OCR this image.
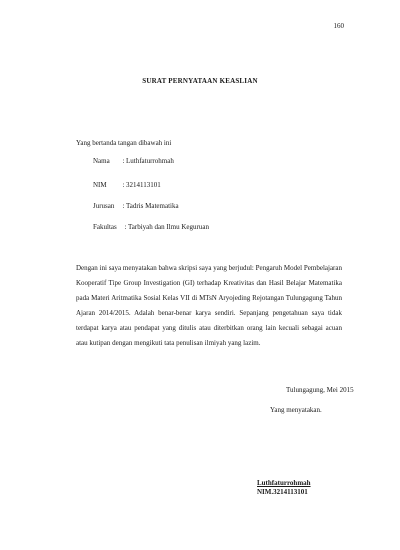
160
SURAT PERNYATAAN KEASLIAN
Yang bertanda tangan dibawah ini
Nama : Luthfaturrohmah
NIM : 3214113101
Jurusan : Tadris Matematika
Fakultas : Tarbiyah dan Ilmu Keguruan
Dengan ini saya menyatakan bahwa skripsi saya yang berjudul: Pengaruh Model Pembelajaran Kooperatif Tipe Group Investigation (GI) terhadap Kreativitas dan Hasil Belajar Matematika pada Materi Aritmatika Sosial Kelas VII di MTsN Aryojeding Rejotangan Tulungagung Tahun Ajaran 2014/2015. Adalah benar-benar karya sendiri. Sepanjang pengetahuan saya tidak terdapat karya atau pendapat yang ditulis atau diterbitkan orang lain kecuali sebagai acuan atau kutipan dengan mengikuti tata penulisan ilmiyah yang lazim.
Tulungagung, Mei 2015
Yang menyatakan.
Luthfaturrohmah
NIM.3214113101
